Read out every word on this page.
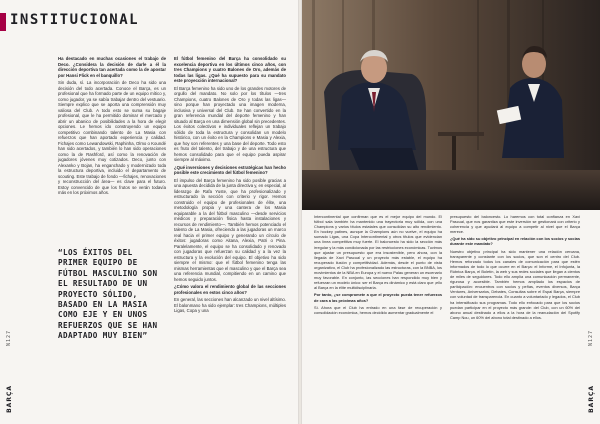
INSTITUCIONAL
N127
BARÇA

Ha destacado en muchas ocasiones el trabajo de Deco. ¿Considera la decisión de darle a él la dirección deportiva tan acertada como la de apostar por Hansi Flick en el banquillo?

Sin duda, sí. La incorporación de Deco ha sido una decisión del todo acertada. Conoce el Barça, es un profesional que ha formado parte de un equipo mítico y, como jugador, ya se sabía trabajar dentro del vestuario. Siempre explico que se aporta una comprensión muy valiosa del Club. A todo esto se suma su bagaje profesional, que le ha permitido dominar el mercado y abrir un abanico de posibilidades a la hora de elegir opciones. Le hemos ido construyendo un equipo competitivo combinando talento de La Masia con refuerzos que han aportado experiencia y calidad. Fichajes como Lewandowski, Raphinha, Olmo o Koundé han sido acertados, y también lo han sido operaciones como la de Rashford, así como la renovación de jugadores jóvenes muy cotizados. Deco, junto con Alexanko y Bojan, ha enganchado y modernizado toda la estructura deportiva, incluido el departamento de scouting. Este trabajo de fondo —fichajes, renovaciones y reconstrucción del área— es clave para el futuro. Estoy convencido de que los frutos se verán todavía más en los próximos años.

“LOS ÉXITOS DEL PRIMER EQUIPO DE FÚTBOL MASCULINO SON EL RESULTADO DE UN PROYECTO SÓLIDO, BASADO EN LA MASIA COMO EJE Y EN UNOS REFUERZOS QUE SE HAN ADAPTADO MUY BIEN”

El fútbol femenino del Barça ha consolidado su excelencia deportiva en los últimos cinco años, con tres Champions y cuatro Balones de Oro, además de todas las ligas. ¿Qué ha supuesto para su mandato este proyección internacional?

El Barça femenino ha sido uno de los grandes motores de orgullo del mandato. No solo por los títulos —tres Champions, cuatro Balones de Oro y todas las ligas— sino porque han proyectado una imagen moderna, inclusiva y universal del Club. Se han convertido en la gran referencia mundial del deporte femenino y han situado al Barça en una dimensión global sin precedentes. Los éxitos colectivos e individuales reflejan un trabajo sólido de toda la estructura y consolidan un modelo histórico, con un éxito en la Champions e Masia y Alexia, que hoy son referentes y una base del deporte. Todo esto es fruto del talento, del trabajo y de una estructura que hemos consolidado para que el equipo pueda aspirar siempre al máximo.

¿Qué inversiones y decisiones estratégicas han hecho posible este crecimiento del fútbol femenino?

El impulso del Barça femenino ha sido posible gracias a una apuesta decidida de la junta directiva y, en especial, al liderazgo de Rafa Yuste, que ha profesionalizado y estructurado la sección con criterio y rigor. Hemos construido el equipo de profesionales de élite, una metodología propia y una cantera de los Masia equiparable a la del fútbol masculino —desde servicios médicos y preparación física hasta instalaciones y recursos de rendimiento—. También hemos potenciado el talento de La Masia, ofreciendo a las jugadoras un marco real hacia el primer equipo y generando un círculo de éxitos: jugadoras como Aitana, Alexia, Patri o Pina. Paralelamente, el equipo se ha consolidado y renovado con jugadoras que refuerzan su calidad y a la vez la estructura y la evolución del equipo. El objetivo ha sido siempre el mismo: que el fútbol femenino tenga las mismas herramientas que el masculino y que el Barça sea una referencia mundial, compitiendo en un camino que hemos seguido juntos.

¿Cómo valora el rendimiento global de las secciones profesionales en estos cinco años?

En general, las secciones han alcanzado un nivel altísimo. El balonmano ha sido ejemplar: tres Champions, múltiples Ligas, Copa y una

N127
BARÇA

Intercontinental que confirman que es el mejor equipo del mundo. El fútbol sala también ha mantenido una trayectoria muy sólida, con una Champions y varios títulos estatales que consolidan su alto rendimiento. En hockey patines, aunque la Champions aún no vuelve, el equipo ha sumado Ligas, una Copa Intercontinental y otros títulos que evidencian una línea competitiva muy fuerte. El baloncesto ha sido la sección más irregular y la más condicionada por las restricciones económicas. Tuvimos que ajustar un presupuesto que era insostenible, pero ahora, con la llegada de Xavi Pascual y un proyecto más estable, el equipo ha recuperado ilusión y competitividad. Además, desde el punto de vista organizativo, el Club ha profesionalizado las estructuras, con la BNBA, los movimientos de la NBA en Europa y el nuevo Palau generan un escenario muy favorable. En conjunto, las secciones han respondido muy bien y refuerzan un modelo único: ser el Barça es dinámico y está claro que ¡ello al Barça en la élite multidisciplinaria.

Por tanto, ¿se compromete a que el proyecto pueda tener refuerzos de cara a las próximas años?

Sí. Ahora que el Club ha entrado en una fase de recuperación y consolidación económica, hemos decidido aumentar gradualmente el

presupuesto del baloncesto. Lo haremos con total confianza en Xavi Pascual, que nos garantiza que este inversión se gestionará con criterio y coherencia y que ayudará al equipo a competir al nivel que el Barça merece.

¿Qué ha sido su objetivo principal en relación con los socios y socias durante este mandato?

Nuestro objetivo principal ha sido mantener una relación cercana, transparente y constante con los socios, que son el centro del Club. Hemos reforzado todos los canales de comunicación para que estén informados de todo lo que ocurre en el Barça: el Informe, el Infojunta, la Rúbrica Barça, el Boletín, la web y sus redes sociales que llegan a cientos de miles de seguidores. Todo ello amplía una comunicación permanente, rigurosa y accesible. También hemos ampliado los espacios de participación: encuentros con socios y peñas, eventos diversos, Barça Ventures, Aniversarios, Debates, Consultas sobre el Espai Barça, siempre con voluntad de transparencia. En cuanto a voluntariado y legados, el Club ha intensificado sus programas. Todo ello enfocado para que los socios puedan participar en el proyecto más grande: del Club, con un 60% del abono anual destinado a ellos a la hora de la reanudación del Spotify Camp Nou, un 60% del abono total destinado a ellos.
